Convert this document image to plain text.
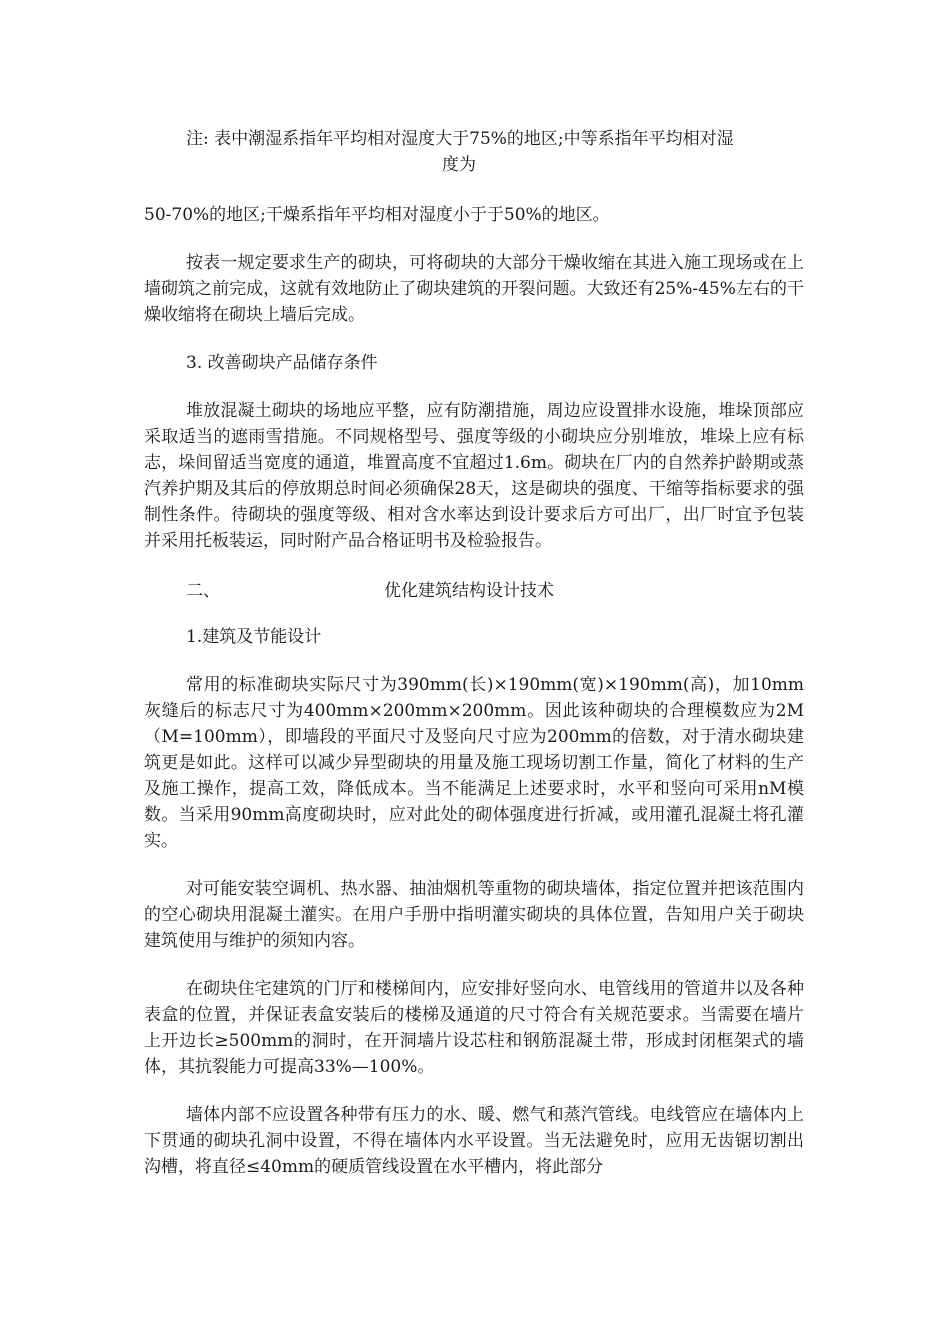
注: 表中潮湿系指年平均相对湿度大于75%的地区;中等系指年平均相对湿

度为

50-70%的地区;干燥系指年平均相对湿度小于于50%的地区。

按表一规定要求生产的砌块，可将砌块的大部分干燥收缩在其进入施工现场或在上墙砌筑之前完成，这就有效地防止了砌块建筑的开裂问题。大致还有25%-45%左右的干燥收缩将在砌块上墙后完成。

3. 改善砌块产品储存条件

堆放混凝土砌块的场地应平整，应有防潮措施，周边应设置排水设施，堆垛顶部应采取适当的遮雨雪措施。不同规格型号、强度等级的小砌块应分别堆放，堆垛上应有标志，垛间留适当宽度的通道，堆置高度不宜超过1.6m。砌块在厂内的自然养护龄期或蒸汽养护期及其后的停放期总时间必须确保28天，这是砌块的强度、干缩等指标要求的强制性条件。待砌块的强度等级、相对含水率达到设计要求后方可出厂，出厂时宜予包装并采用托板装运，同时附产品合格证明书及检验报告。

二、	优化建筑结构设计技术

1.建筑及节能设计

常用的标准砌块实际尺寸为390mm(长)×190mm(宽)×190mm(高)，加10mm灰缝后的标志尺寸为400mm×200mm×200mm。因此该种砌块的合理模数应为2M（M=100mm），即墙段的平面尺寸及竖向尺寸应为200mm的倍数，对于清水砌块建筑更是如此。这样可以减少异型砌块的用量及施工现场切割工作量，简化了材料的生产及施工操作，提高工效，降低成本。当不能满足上述要求时，水平和竖向可采用nM模数。当采用90mm高度砌块时，应对此处的砌体强度进行折减，或用灌孔混凝土将孔灌实。

对可能安装空调机、热水器、抽油烟机等重物的砌块墙体，指定位置并把该范围内的空心砌块用混凝土灌实。在用户手册中指明灌实砌块的具体位置，告知用户关于砌块建筑使用与维护的须知内容。

在砌块住宅建筑的门厅和楼梯间内，应安排好竖向水、电管线用的管道井以及各种表盒的位置，并保证表盒安装后的楼梯及通道的尺寸符合有关规范要求。当需要在墙片上开边长≥500mm的洞时，在开洞墙片设芯柱和钢筋混凝土带，形成封闭框架式的墙体，其抗裂能力可提高33%—100%。

墙体内部不应设置各种带有压力的水、暖、燃气和蒸汽管线。电线管应在墙体内上下贯通的砌块孔洞中设置，不得在墙体内水平设置。当无法避免时，应用无齿锯切割出沟槽，将直径≤40mm的硬质管线设置在水平槽内，将此部分
